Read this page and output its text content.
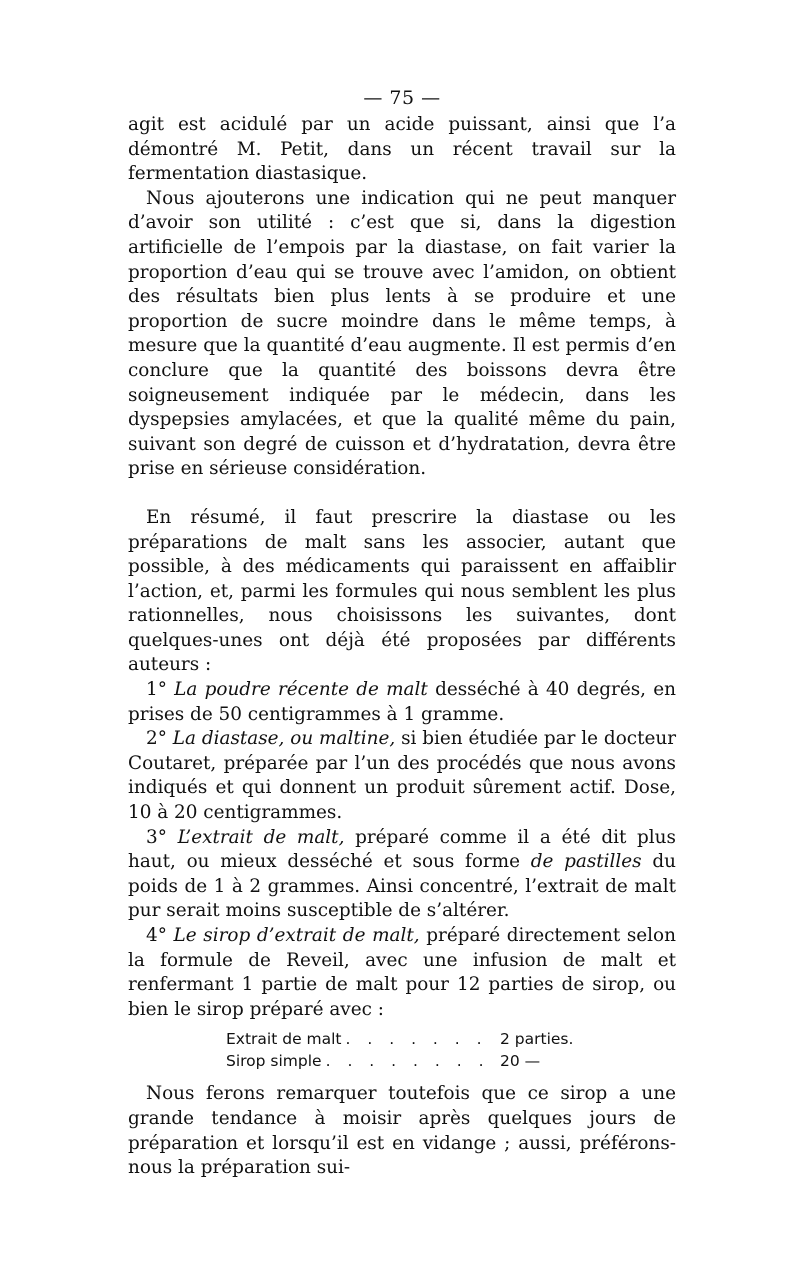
— 75 —

agit est acidulé par un acide puissant, ainsi que l’a démontré M. Petit, dans un récent travail sur la fermentation diastasique.

Nous ajouterons une indication qui ne peut manquer d’avoir son utilité : c’est que si, dans la digestion artificielle de l’empois par la diastase, on fait varier la proportion d’eau qui se trouve avec l’amidon, on obtient des résultats bien plus lents à se produire et une proportion de sucre moindre dans le même temps, à mesure que la quantité d’eau augmente. Il est permis d’en conclure que la quantité des boissons devra être soigneusement indiquée par le médecin, dans les dyspepsies amylacées, et que la qualité même du pain, suivant son degré de cuisson et d’hydratation, devra être prise en sérieuse considération.

En résumé, il faut prescrire la diastase ou les préparations de malt sans les associer, autant que possible, à des médicaments qui paraissent en affaiblir l’action, et, parmi les formules qui nous semblent les plus rationnelles, nous choisissons les suivantes, dont quelques-unes ont déjà été proposées par différents auteurs :

1° La poudre récente de malt desséché à 40 degrés, en prises de 50 centigrammes à 1 gramme.

2° La diastase, ou maltine, si bien étudiée par le docteur Coutaret, préparée par l’un des procédés que nous avons indiqués et qui donnent un produit sûrement actif. Dose, 10 à 20 centigrammes.

3° L’extrait de malt, préparé comme il a été dit plus haut, ou mieux desséché et sous forme de pastilles du poids de 1 à 2 grammes. Ainsi concentré, l’extrait de malt pur serait moins susceptible de s’altérer.

4° Le sirop d’extrait de malt, préparé directement selon la formule de Reveil, avec une infusion de malt et renfermant 1 partie de malt pour 12 parties de sirop, ou bien le sirop préparé avec :

Extrait de malt . . .	2 parties.
Sirop simple . . .	20 —

Nous ferons remarquer toutefois que ce sirop a une grande tendance à moisir après quelques jours de préparation et lorsqu’il est en vidange ; aussi, préférons-nous la préparation sui-
